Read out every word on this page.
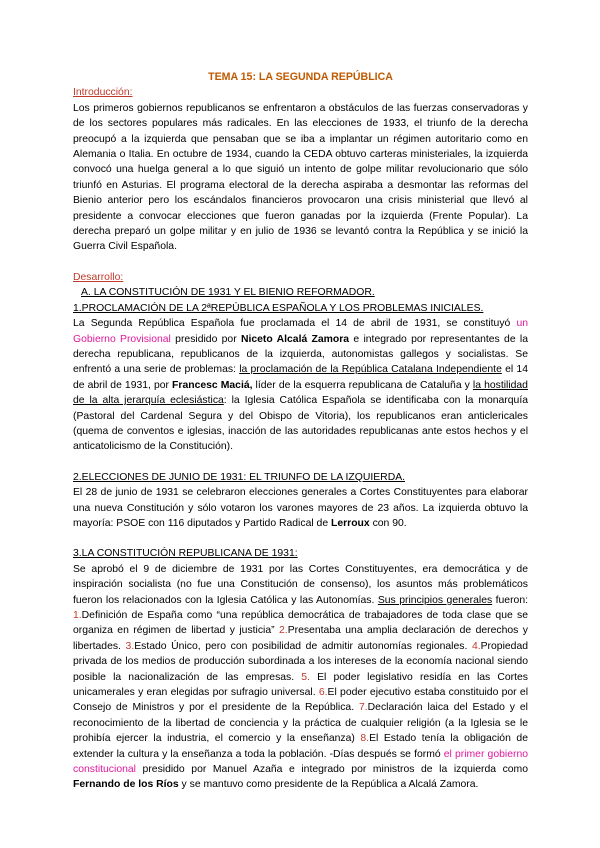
TEMA 15: LA SEGUNDA REPÚBLICA
Introducción:

Los primeros gobiernos republicanos se enfrentaron a obstáculos de las fuerzas conservadoras y de los sectores populares más radicales. En las elecciones de 1933, el triunfo de la derecha preocupó a la izquierda que pensaban que se iba a implantar un régimen autoritario como en Alemania o Italia. En octubre de 1934, cuando la CEDA obtuvo carteras ministeriales, la izquierda convocó una huelga general a lo que siguió un intento de golpe militar revolucionario que sólo triunfó en Asturias. El programa electoral de la derecha aspiraba a desmontar las reformas del Bienio anterior pero los escándalos financieros provocaron una crisis ministerial que llevó al presidente a convocar elecciones que fueron ganadas por la izquierda (Frente Popular). La derecha preparó un golpe militar y en julio de 1936 se levantó contra la República y se inició la Guerra Civil Española.

Desarrollo:
A. LA CONSTITUCIÓN DE 1931 Y EL BIENIO REFORMADOR.
1.PROCLAMACIÓN DE LA 2ªREPÚBLICA ESPAÑOLA Y LOS PROBLEMAS INICIALES.

La Segunda República Española fue proclamada el 14 de abril de 1931, se constituyó un Gobierno Provisional presidido por Niceto Alcalá Zamora e integrado por representantes de la derecha republicana, republicanos de la izquierda, autonomistas gallegos y socialistas. Se enfrentó a una serie de problemas: la proclamación de la República Catalana Independiente el 14 de abril de 1931, por Francesc Maciá, líder de la esquerra republicana de Cataluña y la hostilidad de la alta jerarquía eclesiástica: la Iglesia Católica Española se identificaba con la monarquía (Pastoral del Cardenal Segura y del Obispo de Vitoria), los republicanos eran anticlericales (quema de conventos e iglesias, inacción de las autoridades republicanas ante estos hechos y el anticatolicismo de la Constitución).

2.ELECCIONES DE JUNIO DE 1931: EL TRIUNFO DE LA IZQUIERDA.

El 28 de junio de 1931 se celebraron elecciones generales a Cortes Constituyentes para elaborar una nueva Constitución y sólo votaron los varones mayores de 23 años. La izquierda obtuvo la mayoría: PSOE con 116 diputados y Partido Radical de Lerroux con 90.

3.LA CONSTITUCIÓN REPUBLICANA DE 1931:

Se aprobó el 9 de diciembre de 1931 por las Cortes Constituyentes, era democrática y de inspiración socialista (no fue una Constitución de consenso), los asuntos más problemáticos fueron los relacionados con la Iglesia Católica y las Autonomías. Sus principios generales fueron: 1.Definición de España como “una república democrática de trabajadores de toda clase que se organiza en régimen de libertad y justicia” 2.Presentaba una amplia declaración de derechos y libertades. 3.Estado Único, pero con posibilidad de admitir autonomías regionales. 4.Propiedad privada de los medios de producción subordinada a los intereses de la economía nacional siendo posible la nacionalización de las empresas. 5. El poder legislativo residía en las Cortes unicamerales y eran elegidas por sufragio universal. 6.El poder ejecutivo estaba constituido por el Consejo de Ministros y por el presidente de la República. 7.Declaración laica del Estado y el reconocimiento de la libertad de conciencia y la práctica de cualquier religión (a la Iglesia se le prohibía ejercer la industria, el comercio y la enseñanza) 8.El Estado tenía la obligación de extender la cultura y la enseñanza a toda la población. -Días después se formó el primer gobierno constitucional presidido por Manuel Azaña e integrado por ministros de la izquierda como Fernando de los Ríos y se mantuvo como presidente de la República a Alcalá Zamora.
